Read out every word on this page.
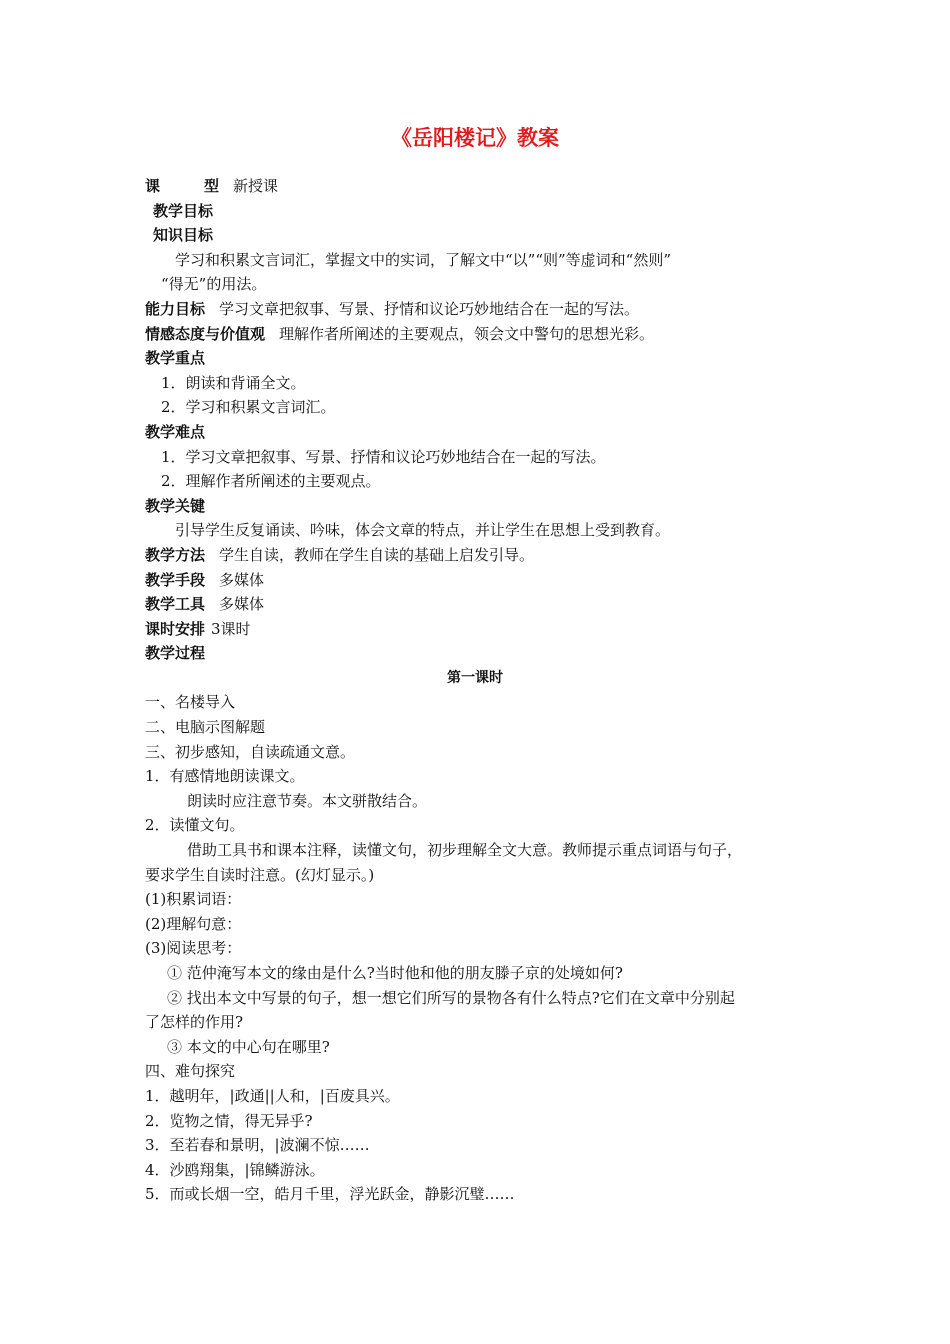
《岳阳楼记》教案
课	型 新授课
教学目标
知识目标
学习和积累文言词汇，掌握文中的实词，了解文中“以”“则”等虚词和“然则”
“得无”的用法。
能力目标 学习文章把叙事、写景、抒情和议论巧妙地结合在一起的写法。
情感态度与价值观 理解作者所阐述的主要观点，领会文中警句的思想光彩。
教学重点
1．朗读和背诵全文。
2．学习和积累文言词汇。
教学难点
1．学习文章把叙事、写景、抒情和议论巧妙地结合在一起的写法。
2．理解作者所阐述的主要观点。
教学关键
引导学生反复诵读、吟味，体会文章的特点，并让学生在思想上受到教育。
教学方法 学生自读，教师在学生自读的基础上启发引导。
教学手段 多媒体
教学工具 多媒体
课时安排 3课时
教学过程
第一课时
一、名楼导入
二、电脑示图解题
三、初步感知，自读疏通文意。
1．有感情地朗读课文。
朗读时应注意节奏。本文骈散结合。
2．读懂文句。
借助工具书和课本注释，读懂文句，初步理解全文大意。教师提示重点词语与句子，
要求学生自读时注意。(幻灯显示。)
(1)积累词语：
(2)理解句意：
(3)阅读思考：
① 范仲淹写本文的缘由是什么?当时他和他的朋友滕子京的处境如何?
② 找出本文中写景的句子，想一想它们所写的景物各有什么特点?它们在文章中分别起
了怎样的作用?
③ 本文的中心句在哪里?
四、难句探究
1．越明年，|政通||人和，|百废具兴。
2．览物之情，得无异乎?
3．至若春和景明，|波澜不惊……
4．沙鸥翔集，|锦鳞游泳。
5．而或长烟一空，皓月千里，浮光跃金，静影沉璧……
